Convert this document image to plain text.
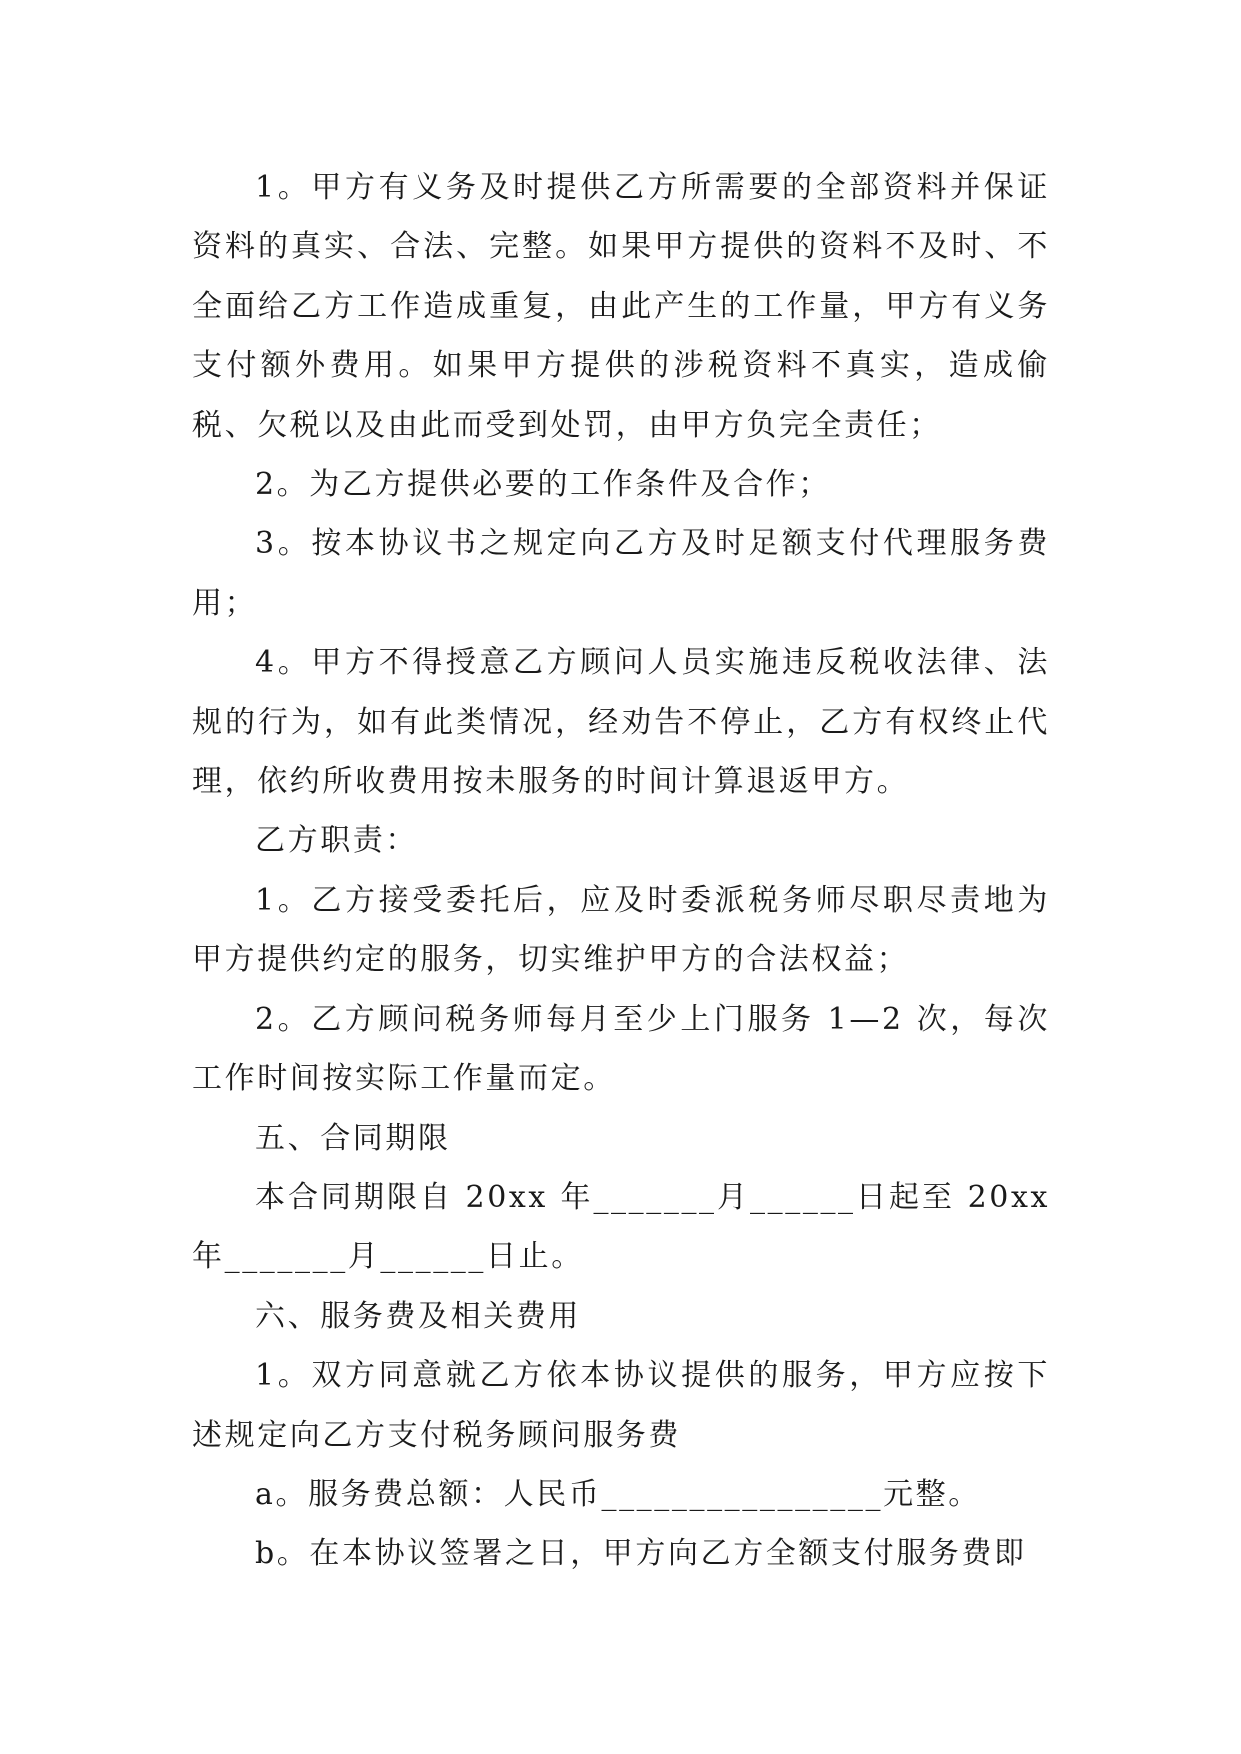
1。甲方有义务及时提供乙方所需要的全部资料并保证资料的真实、合法、完整。如果甲方提供的资料不及时、不全面给乙方工作造成重复，由此产生的工作量，甲方有义务支付额外费用。如果甲方提供的涉税资料不真实，造成偷税、欠税以及由此而受到处罚，由甲方负完全责任；

2。为乙方提供必要的工作条件及合作；

3。按本协议书之规定向乙方及时足额支付代理服务费用；

4。甲方不得授意乙方顾问人员实施违反税收法律、法规的行为，如有此类情况，经劝告不停止，乙方有权终止代理，依约所收费用按未服务的时间计算退返甲方。

乙方职责：

1。乙方接受委托后，应及时委派税务师尽职尽责地为甲方提供约定的服务，切实维护甲方的合法权益；

2。乙方顾问税务师每月至少上门服务 1—2 次，每次工作时间按实际工作量而定。

五、合同期限

本合同期限自 20xx 年_______月______日起至 20xx 年_______月______日止。

六、服务费及相关费用

1。双方同意就乙方依本协议提供的服务，甲方应按下述规定向乙方支付税务顾问服务费

a。服务费总额：人民币________________元整。

b。在本协议签署之日，甲方向乙方全额支付服务费即
